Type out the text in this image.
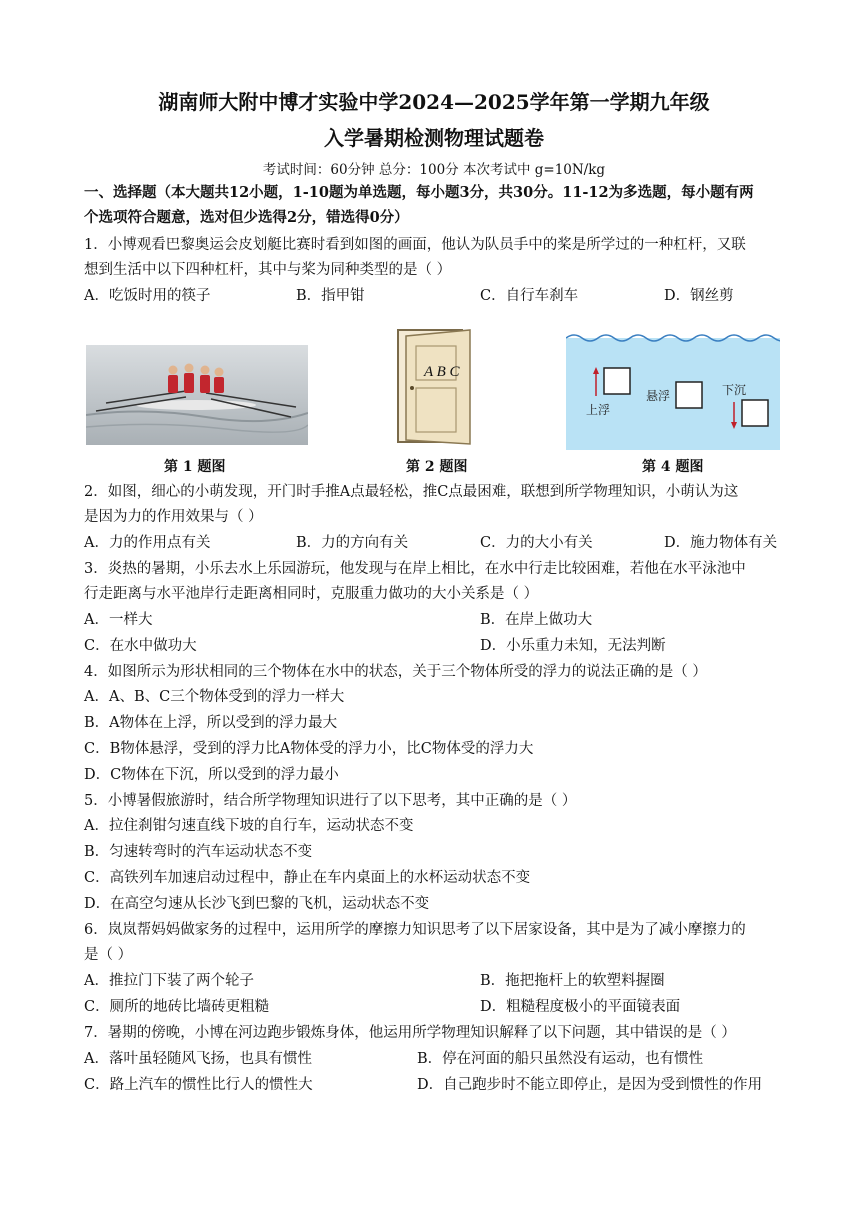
湖南师大附中博才实验中学2024—2025学年第一学期九年级
入学暑期检测物理试题卷
考试时间：60分钟 总分：100分 本次考试中 g=10N/kg
一、选择题（本大题共12小题，1-10题为单选题，每小题3分，共30分。11-12为多选题，每小题有两
个选项符合题意，选对但少选得2分，错选得0分）
1．小博观看巴黎奥运会皮划艇比赛时看到如图的画面，他认为队员手中的桨是所学过的一种杠杆，又联
想到生活中以下四种杠杆，其中与桨为同种类型的是（ ）
A．吃饭时用的筷子	B．指甲钳	C．自行车刹车	D．钢丝剪
第 1 题图
A B C
第 2 题图
上浮
悬浮	下沉
第 4 题图
2．如图，细心的小萌发现，开门时手推A点最轻松，推C点最困难，联想到所学物理知识，小萌认为这
是因为力的作用效果与（ ）
A．力的作用点有关	B．力的方向有关	C．力的大小有关	D．施力物体有关
3．炎热的暑期，小乐去水上乐园游玩，他发现与在岸上相比，在水中行走比较困难，若他在水平泳池中
行走距离与水平池岸行走距离相同时，克服重力做功的大小关系是（ ）
A．一样大	B．在岸上做功大
C．在水中做功大	D．小乐重力未知，无法判断
4．如图所示为形状相同的三个物体在水中的状态，关于三个物体所受的浮力的说法正确的是（ ）
A．A、B、C三个物体受到的浮力一样大
B．A物体在上浮，所以受到的浮力最大
C．B物体悬浮，受到的浮力比A物体受的浮力小，比C物体受的浮力大
D．C物体在下沉，所以受到的浮力最小
5．小博暑假旅游时，结合所学物理知识进行了以下思考，其中正确的是（ ）
A．拉住刹钳匀速直线下坡的自行车，运动状态不变
B．匀速转弯时的汽车运动状态不变
C．高铁列车加速启动过程中，静止在车内桌面上的水杯运动状态不变
D．在高空匀速从长沙飞到巴黎的飞机，运动状态不变
6．岚岚帮妈妈做家务的过程中，运用所学的摩擦力知识思考了以下居家设备，其中是为了减小摩擦力的
是（ ）
A．推拉门下装了两个轮子	B．拖把拖杆上的软塑料握圈
C．厕所的地砖比墙砖更粗糙	D．粗糙程度极小的平面镜表面
7．暑期的傍晚，小博在河边跑步锻炼身体，他运用所学物理知识解释了以下问题，其中错误的是（ ）
A．落叶虽轻随风飞扬，也具有惯性	B．停在河面的船只虽然没有运动，也有惯性
C．路上汽车的惯性比行人的惯性大	D．自己跑步时不能立即停止，是因为受到惯性的作用
